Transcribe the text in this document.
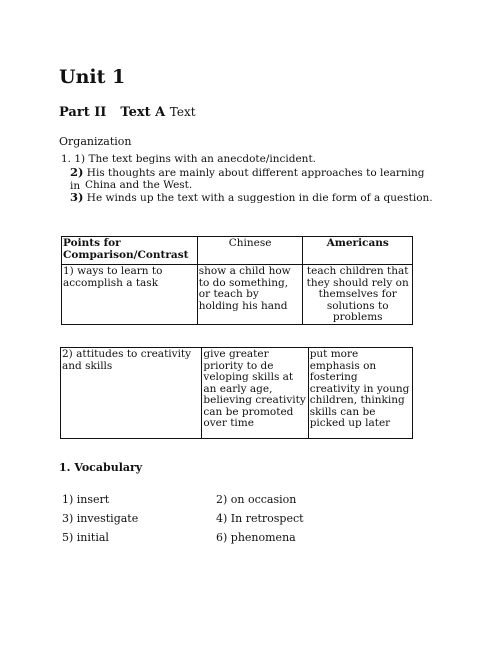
Unit 1
Part II Text A Text
Organization
1. 1) The text begins with an anecdote/incident.
2) His thoughts are mainly about different approaches to learning in China and the West.
3) He winds up the text with a suggestion in die form of a question.
Points for Comparison/Contrast	Chinese	Americans
1) ways to learn to accomplish a task	show a child how to do something, or teach by holding his hand	teach children that they should rely on themselves for solutions to problems
2) attitudes to creativity and skills	give greater priority to de veloping skills at an early age, believing creativity can be promoted over time	put more emphasis on fostering creativity in young children, thinking skills can be picked up later
1. Vocabulary
1) insert	2) on occasion
3) investigate	4) In retrospect
5) initial	6) phenomena
